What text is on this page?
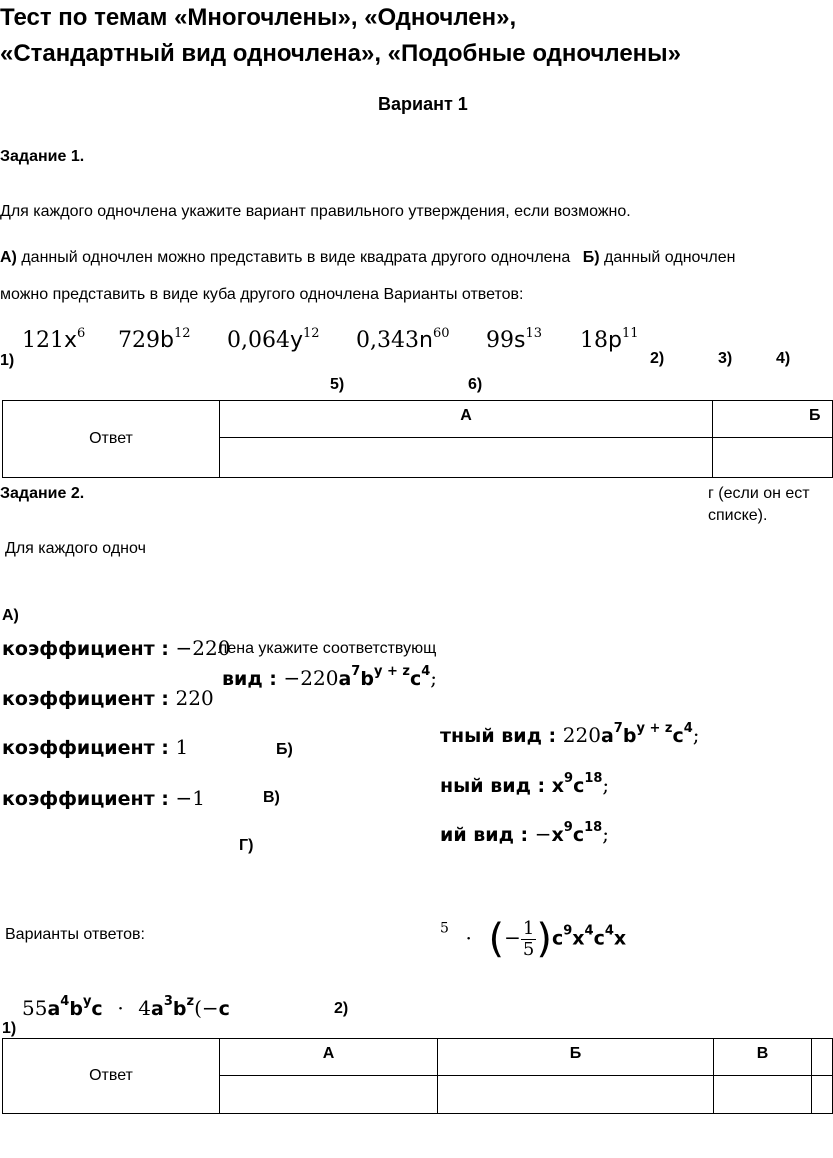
Тест по темам «Многочлены», «Одночлен»,
«Стандартный вид одночлена», «Подобные одночлены»
Вариант 1
Задание 1.
Для каждого одночлена укажите вариант правильного утверждения, если возможно.
А) данный одночлен можно представить в виде квадрата другого одночлена Б) данный одночлен
можно представить в виде куба другого одночлена Варианты ответов:
$121x^6$ $729b^{12}$ $0,064y^{12}$ $0,343n^{60}$ $99s^{13}$ $18p^{11}$
1)	2)	3)	4)
5)	6)
Ответ	А	Б

Задание 2.	г (если он ест
списке).
Для каждого одноч
А)
коэффициент : −220
лена укажите соответствующ
коэффициент : 220
коэффициент : 1
коэффициент : −1
Б)
В)
Г)
вид : $-220a^7b^{y + z}c^4$;
тный вид : $220a^7b^{y + z}c^4$;
ный вид : $x^9c^{18}$;
ий вид : $-x^9c^{18}$;
Варианты ответов:	$^5$ · (− $\frac{1}{5} )c^9x^4c^4x$
$55a^4b^yc \cdot 4a^3b^z(-c$
1)
2)
Ответ	А	Б	В	
